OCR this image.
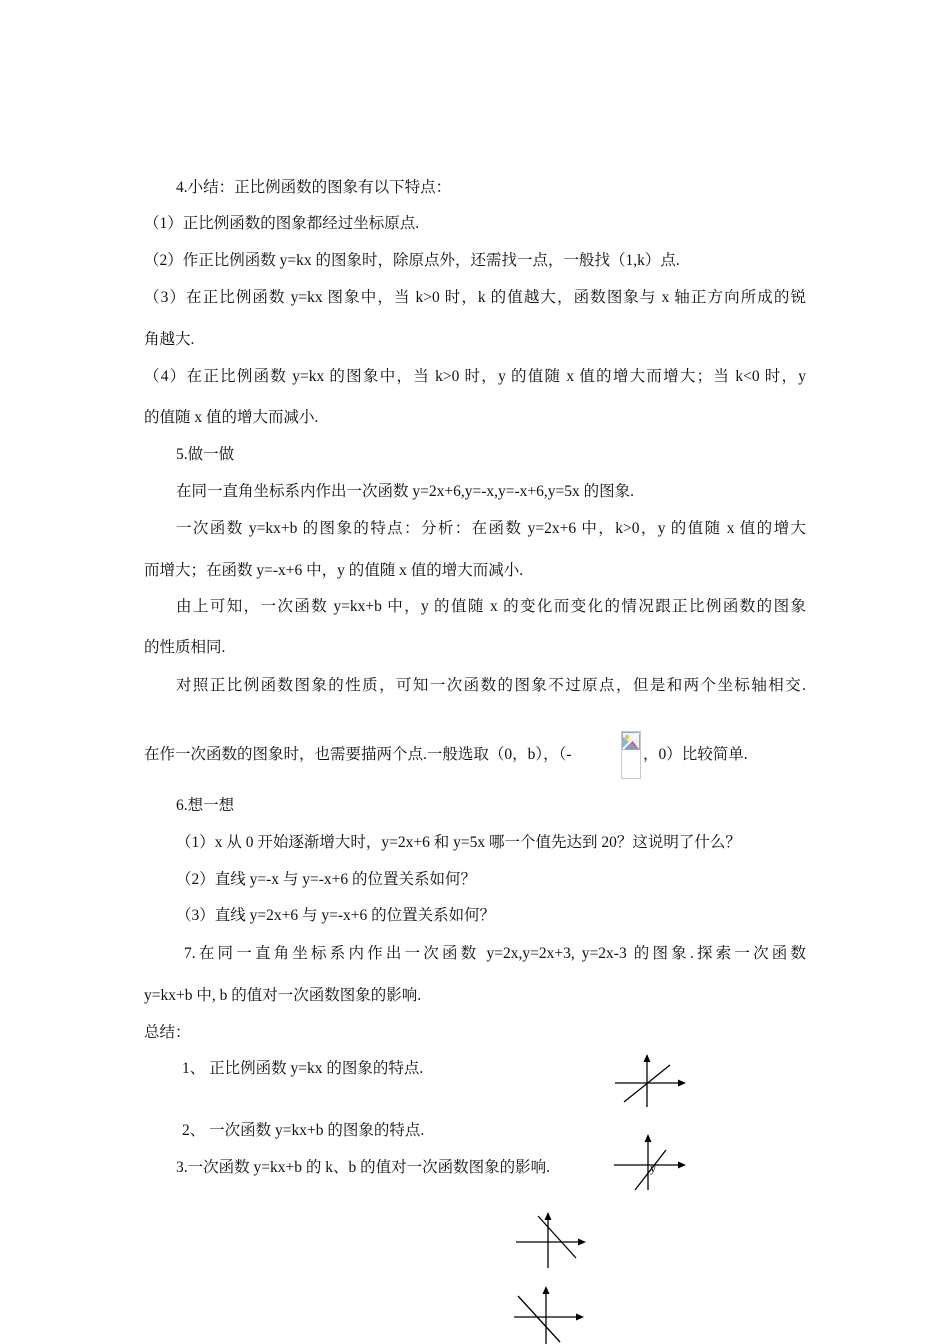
4.小结：正比例函数的图象有以下特点：
（1）正比例函数的图象都经过坐标原点.
（2）作正比例函数 y=kx 的图象时，除原点外，还需找一点，一般找（1,k）点.
（3）在正比例函数 y=kx 图象中，当 k>0 时，k 的值越大，函数图象与 x 轴正方向所成的锐
角越大.
（4）在正比例函数 y=kx 的图象中，当 k>0 时，y 的值随 x 值的增大而增大；当 k<0 时，y
的值随 x 值的增大而减小.
5.做一做
在同一直角坐标系内作出一次函数 y=2x+6,y=-x,y=-x+6,y=5x 的图象.
一次函数 y=kx+b 的图象的特点：分析：在函数 y=2x+6 中，k>0，y 的值随 x 值的增大
而增大；在函数 y=-x+6 中，y 的值随 x 值的增大而减小.
由上可知，一次函数 y=kx+b 中，y 的值随 x 的变化而变化的情况跟正比例函数的图象
的性质相同.
对照正比例函数图象的性质，可知一次函数的图象不过原点，但是和两个坐标轴相交.
在作一次函数的图象时，也需要描两个点.一般选取（0，b），（-	，0）比较简单.
6.想一想
（1）x 从 0 开始逐渐增大时，y=2x+6 和 y=5x 哪一个值先达到 20？这说明了什么？
（2）直线 y=-x 与 y=-x+6 的位置关系如何？
（3）直线 y=2x+6 与 y=-x+6 的位置关系如何？
7.在同一直角坐标系内作出一次函数 y=2x,y=2x+3, y=2x-3 的图象.探索一次函数
y=kx+b 中, b 的值对一次函数图象的影响.
总结：
1、 正比例函数 y=kx 的图象的特点.
2、 一次函数 y=kx+b 的图象的特点.
3.一次函数 y=kx+b 的 k、b 的值对一次函数图象的影响.	y
